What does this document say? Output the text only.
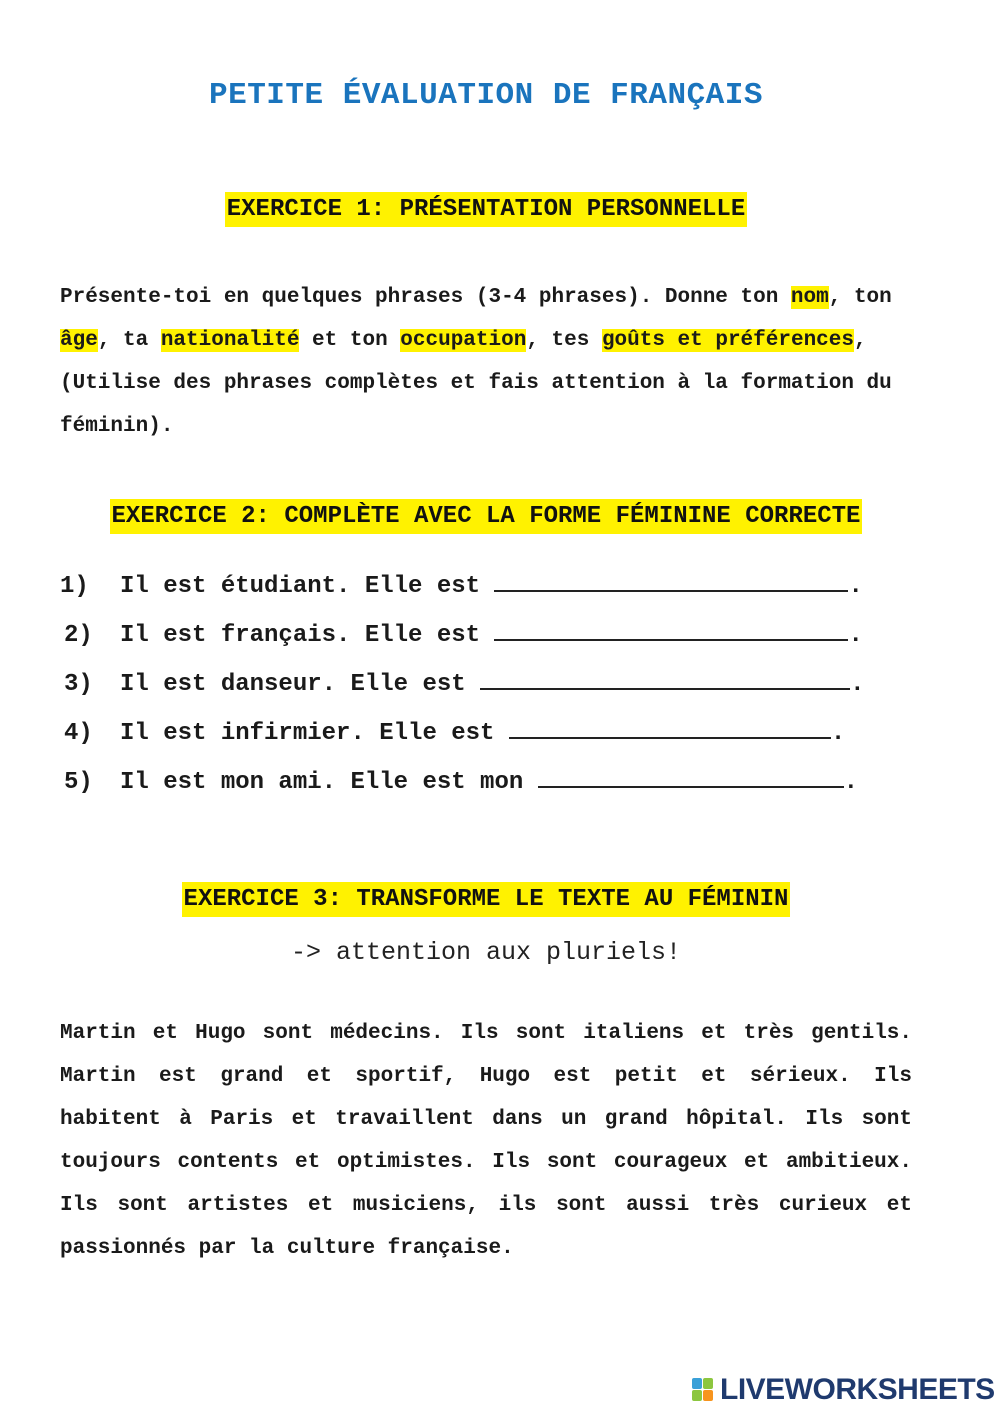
PETITE ÉVALUATION DE FRANÇAIS
EXERCICE 1: PRÉSENTATION PERSONNELLE
Présente-toi en quelques phrases (3-4 phrases). Donne ton nom, ton âge, ta nationalité et ton occupation, tes goûts et préférences, (Utilise des phrases complètes et fais attention à la formation du féminin).
EXERCICE 2: COMPLÈTE AVEC LA FORME FÉMININE CORRECTE
1) Il est étudiant. Elle est	.
2) Il est français. Elle est	.
3) Il est danseur. Elle est	.
4) Il est infirmier. Elle est	.
5) Il est mon ami. Elle est mon	.
EXERCICE 3: TRANSFORME LE TEXTE AU FÉMININ
-> attention aux pluriels!
Martin et Hugo sont médecins. Ils sont italiens et très gentils. Martin est grand et sportif, Hugo est petit et sérieux. Ils habitent à Paris et travaillent dans un grand hôpital. Ils sont toujours contents et optimistes. Ils sont courageux et ambitieux. Ils sont artistes et musiciens, ils sont aussi très curieux et passionnés par la culture française.
LIVEWORKSHEETS
